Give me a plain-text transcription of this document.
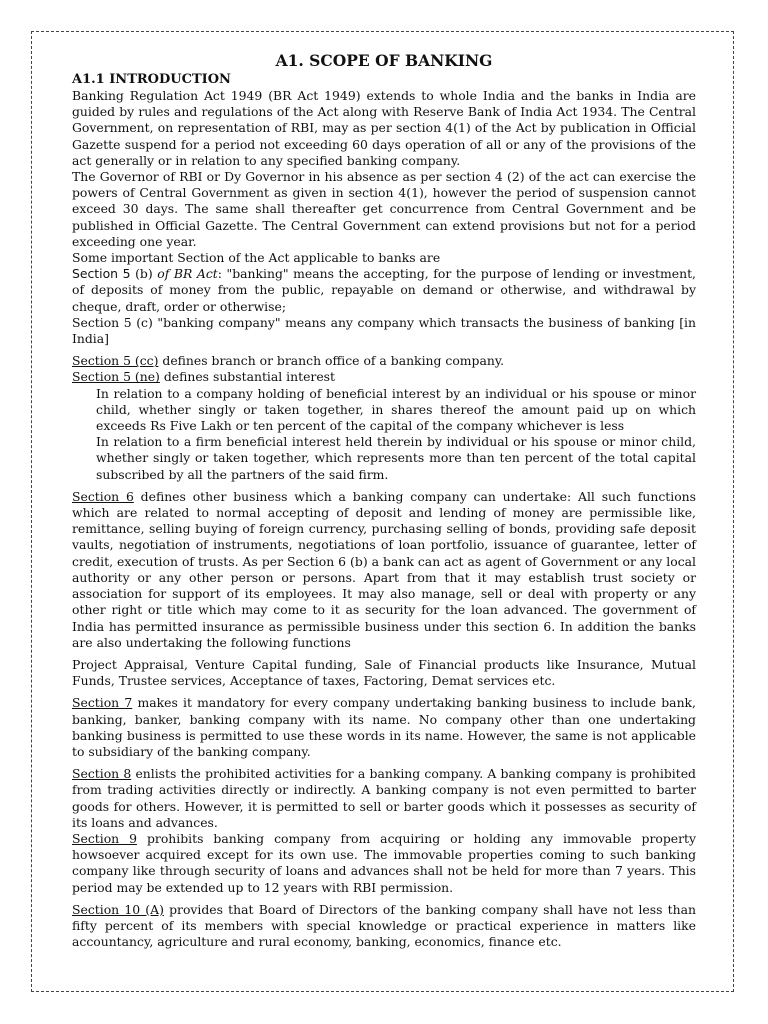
A1. SCOPE OF BANKING
A1.1 INTRODUCTION

Banking Regulation Act 1949 (BR Act 1949) extends to whole India and the banks in India are guided by rules and regulations of the Act along with Reserve Bank of India Act 1934. The Central Government, on representation of RBI, may as per section 4(1) of the Act by publication in Official Gazette suspend for a period not exceeding 60 days operation of all or any of the provisions of the act generally or in relation to any specified banking company.

The Governor of RBI or Dy Governor in his absence as per section 4 (2) of the act can exercise the powers of Central Government as given in section 4(1), however the period of suspension cannot exceed 30 days. The same shall thereafter get concurrence from Central Government and be published in Official Gazette. The Central Government can extend provisions but not for a period exceeding one year.

Some important Section of the Act applicable to banks are

Section 5 (b) of BR Act: "banking" means the accepting, for the purpose of lending or investment, of deposits of money from the public, repayable on demand or otherwise, and withdrawal by cheque, draft, order or otherwise;

Section 5 (c) "banking company" means any company which transacts the business of banking [in India]

Section 5 (cc) defines branch or branch office of a banking company.

Section 5 (ne) defines substantial interest

In relation to a company holding of beneficial interest by an individual or his spouse or minor child, whether singly or taken together, in shares thereof the amount paid up on which exceeds Rs Five Lakh or ten percent of the capital of the company whichever is less

In relation to a firm beneficial interest held therein by individual or his spouse or minor child, whether singly or taken together, which represents more than ten percent of the total capital subscribed by all the partners of the said firm.

Section 6 defines other business which a banking company can undertake: All such functions which are related to normal accepting of deposit and lending of money are permissible like, remittance, selling buying of foreign currency, purchasing selling of bonds, providing safe deposit vaults, negotiation of instruments, negotiations of loan portfolio, issuance of guarantee, letter of credit, execution of trusts. As per Section 6 (b) a bank can act as agent of Government or any local authority or any other person or persons. Apart from that it may establish trust society or association for support of its employees. It may also manage, sell or deal with property or any other right or title which may come to it as security for the loan advanced. The government of India has permitted insurance as permissible business under this section 6. In addition the banks are also undertaking the following functions

Project Appraisal, Venture Capital funding, Sale of Financial products like Insurance, Mutual Funds, Trustee services, Acceptance of taxes, Factoring, Demat services etc.

Section 7 makes it mandatory for every company undertaking banking business to include bank, banking, banker, banking company with its name. No company other than one undertaking banking business is permitted to use these words in its name. However, the same is not applicable to subsidiary of the banking company.

Section 8 enlists the prohibited activities for a banking company. A banking company is prohibited from trading activities directly or indirectly. A banking company is not even permitted to barter goods for others. However, it is permitted to sell or barter goods which it possesses as security of its loans and advances.

Section 9 prohibits banking company from acquiring or holding any immovable property howsoever acquired except for its own use. The immovable properties coming to such banking company like through security of loans and advances shall not be held for more than 7 years. This period may be extended up to 12 years with RBI permission.

Section 10 (A) provides that Board of Directors of the banking company shall have not less than fifty percent of its members with special knowledge or practical experience in matters like accountancy, agriculture and rural economy, banking, economics, finance etc.
